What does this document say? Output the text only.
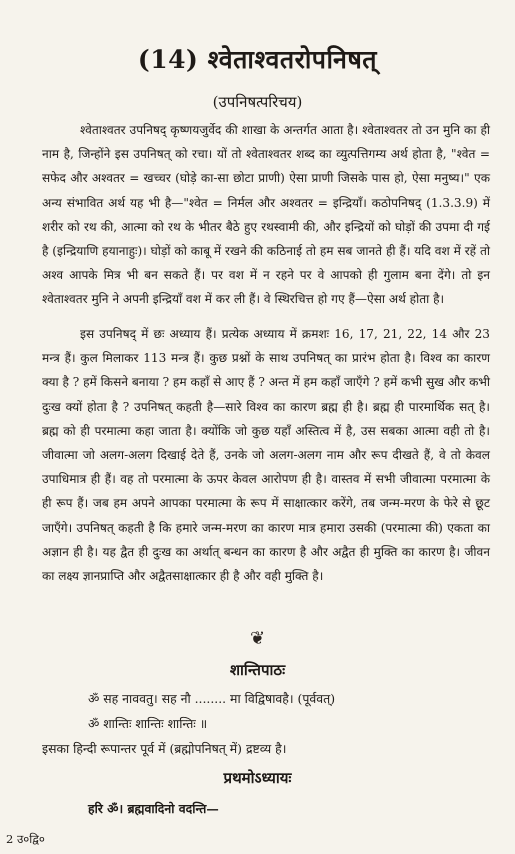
(14) श्वेताश्वतरोपनिषत्
(उपनिषत्परिचय)

श्वेताश्वतर उपनिषद् कृष्णयजुर्वेद की शाखा के अन्तर्गत आता है। श्वेताश्वतर तो उन मुनि का ही नाम है, जिन्होंने इस उपनिषत् को रचा। यों तो श्वेताश्वतर शब्द का व्युत्पत्तिगम्य अर्थ होता है, "श्वेत = सफेद और अश्वतर = खच्चर (घोड़े का-सा छोटा प्राणी) ऐसा प्राणी जिसके पास हो, ऐसा मनुष्य।" एक अन्य संभावित अर्थ यह भी है—"श्वेत = निर्मल और अश्वतर = इन्द्रियाँ। कठोपनिषद् (1.3.3.9) में शरीर को रथ की, आत्मा को रथ के भीतर बैठे हुए रथस्वामी की, और इन्द्रियों को घोड़ों की उपमा दी गई है (इन्द्रियाणि हयानाहुः)। घोड़ों को काबू में रखने की कठिनाई तो हम सब जानते ही हैं। यदि वश में रहें तो अश्व आपके मित्र भी बन सकते हैं। पर वश में न रहने पर वे आपको ही गुलाम बना देंगे। तो इन श्वेताश्वतर मुनि ने अपनी इन्द्रियाँ वश में कर ली हैं। वे स्थिरचित्त हो गए हैं—ऐसा अर्थ होता है।

इस उपनिषद् में छः अध्याय हैं। प्रत्येक अध्याय में क्रमशः 16, 17, 21, 22, 14 और 23 मन्त्र हैं। कुल मिलाकर 113 मन्त्र हैं। कुछ प्रश्नों के साथ उपनिषत् का प्रारंभ होता है। विश्व का कारण क्या है ? हमें किसने बनाया ? हम कहाँ से आए हैं ? अन्त में हम कहाँ जाएँगे ? हमें कभी सुख और कभी दुःख क्यों होता है ? उपनिषत् कहती है—सारे विश्व का कारण ब्रह्म ही है। ब्रह्म ही पारमार्थिक सत् है। ब्रह्म को ही परमात्मा कहा जाता है। क्योंकि जो कुछ यहाँ अस्तित्व में है, उस सबका आत्मा वही तो है। जीवात्मा जो अलग-अलग दिखाई देते हैं, उनके जो अलग-अलग नाम और रूप दीखते हैं, वे तो केवल उपाधिमात्र ही हैं। वह तो परमात्मा के ऊपर केवल आरोपण ही है। वास्तव में सभी जीवात्मा परमात्मा के ही रूप हैं। जब हम अपने आपका परमात्मा के रूप में साक्षात्कार करेंगे, तब जन्म-मरण के फेरे से छूट जाएँगे। उपनिषत् कहती है कि हमारे जन्म-मरण का कारण मात्र हमारा उसकी (परमात्मा की) एकता का अज्ञान ही है। यह द्वैत ही दुःख का अर्थात् बन्धन का कारण है और अद्वैत ही मुक्ति का कारण है। जीवन का लक्ष्य ज्ञानप्राप्ति और अद्वैतसाक्षात्कार ही है और वही मुक्ति है।

❦
शान्तिपाठः
ॐ सह नाववतु। सह नौ ........ मा विद्विषावहै। (पूर्ववत्)
ॐ शान्तिः शान्तिः शान्तिः ॥
इसका हिन्दी रूपान्तर पूर्व में (ब्रह्मोपनिषत् में) द्रष्टव्य है।
प्रथमोऽध्यायः
हरि ॐ। ब्रह्मवादिनो वदन्ति—
2 उ०द्वि०
